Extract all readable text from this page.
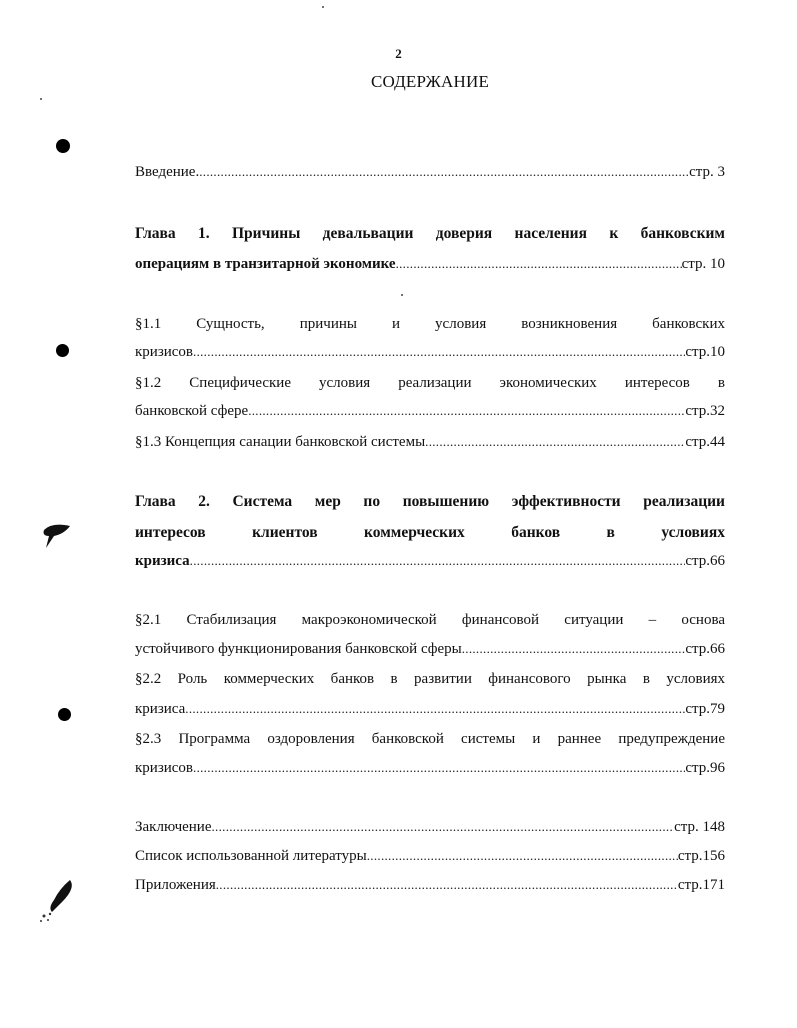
2
СОДЕРЖАНИЕ
Введение. .....	стр. 3
Глава 1. Причины девальвации доверия населения к банковским
операциям в транзитарной экономике .....	стр. 10
§1.1 Сущность, причины и условия возникновения банковских
кризисов .....	стр.10
§1.2 Специфические условия реализации экономических интересов в
банковской сфере .....	стр.32
§1.3 Концепция санации банковской системы .....	стр.44
Глава 2. Система мер по повышению эффективности реализации
интересов клиентов коммерческих банков в условиях
кризиса .....	стр.66
§2.1 Стабилизация макроэкономической финансовой ситуации – основа
устойчивого функционирования банковской сферы .....	стр.66
§2.2 Роль коммерческих банков в развитии финансового рынка в условиях
кризиса .....	стр.79
§2.3 Программа оздоровления банковской системы и раннее предупреждение
кризисов .....	стр.96
Заключение .....	стр. 148
Список использованной литературы .....	стр.156
Приложения .....	стр.171
